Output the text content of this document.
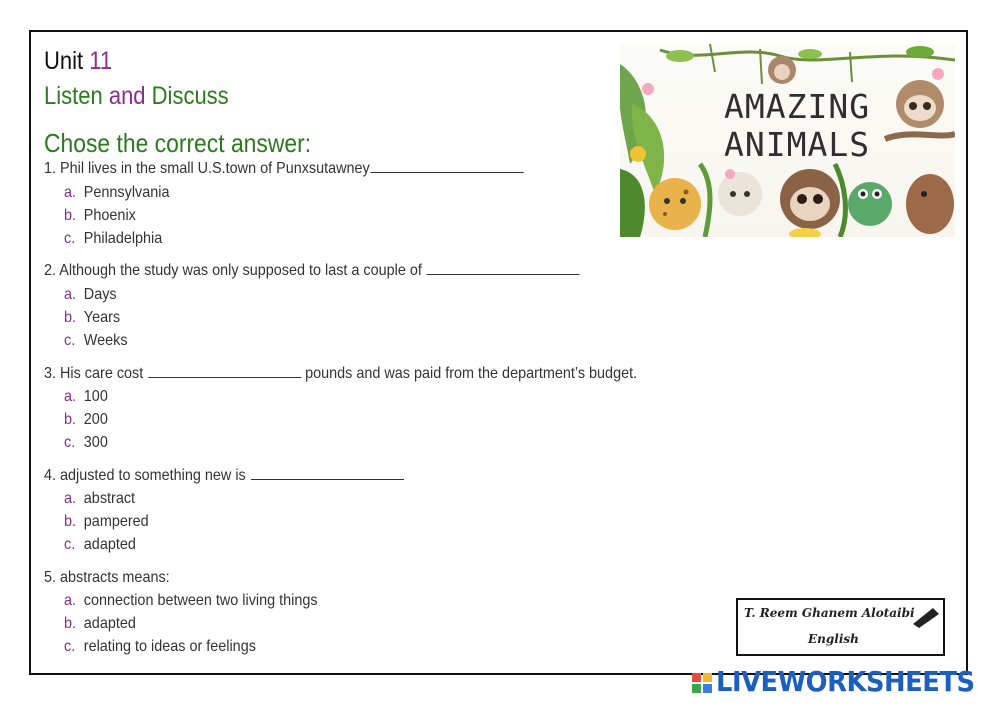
Unit 11
Listen and Discuss
Chose the correct answer:
1. Phil lives in the small U.S.town of Punxsutawney
a. Pennsylvania
b. Phoenix
c. Philadelphia
2. Although the study was only supposed to last a couple of
a. Days
b. Years
c. Weeks
3. His care cost	pounds and was paid from the department’s budget.
a. 100
b. 200
c. 300
4. adjusted to something new is
a. abstract
b. pampered
c. adapted
5. abstracts means:
a. connection between two living things
b. adapted
c. relating to ideas or feelings
AMAZING
ANIMALS
T. Reem Ghanem Alotaibi
English
LIVEWORKSHEETS
